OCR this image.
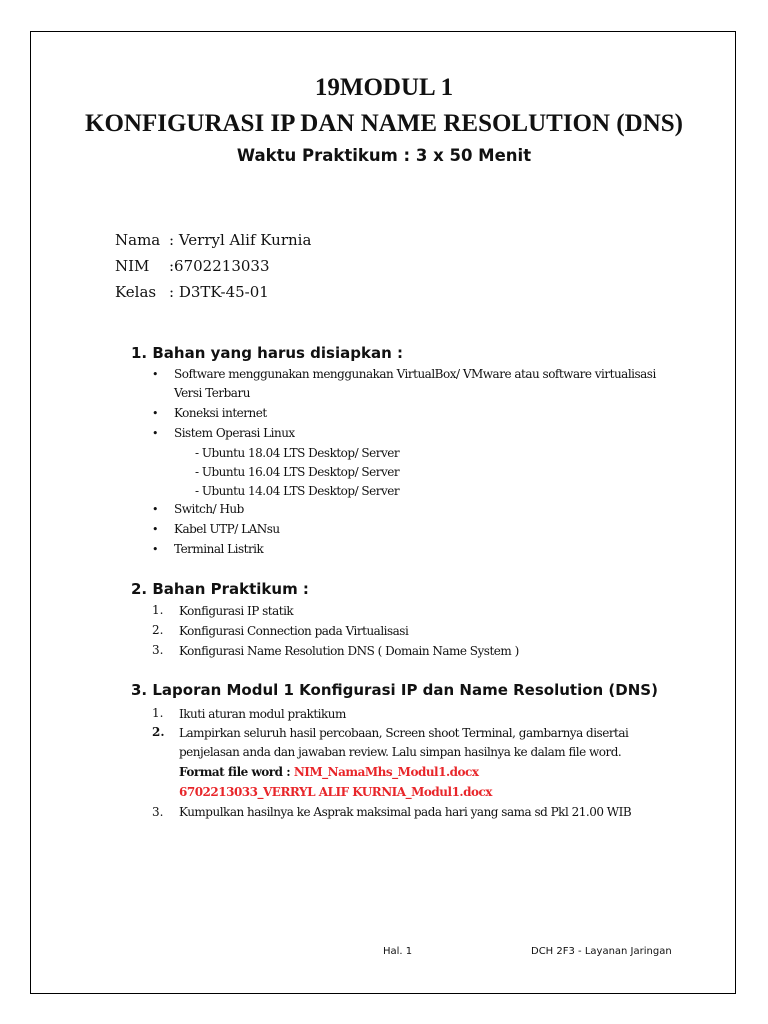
19MODUL 1
KONFIGURASI IP DAN NAME RESOLUTION (DNS)
Waktu Praktikum : 3 x 50 Menit
Nama : Verryl Alif Kurnia
NIM :6702213033
Kelas : D3TK-45-01
1. Bahan yang harus disiapkan :
• Software menggunakan menggunakan VirtualBox/ VMware atau software virtualisasi
Versi Terbaru
• Koneksi internet
• Sistem Operasi Linux
- Ubuntu 18.04 LTS Desktop/ Server
- Ubuntu 16.04 LTS Desktop/ Server
- Ubuntu 14.04 LTS Desktop/ Server
• Switch/ Hub
• Kabel UTP/ LANsu
• Terminal Listrik
2. Bahan Praktikum :
1. Konfigurasi IP statik
2. Konfigurasi Connection pada Virtualisasi
3. Konfigurasi Name Resolution DNS ( Domain Name System )
3. Laporan Modul 1 Konfigurasi IP dan Name Resolution (DNS)
1. Ikuti aturan modul praktikum
2. Lampirkan seluruh hasil percobaan, Screen shoot Terminal, gambarnya disertai
penjelasan anda dan jawaban review. Lalu simpan hasilnya ke dalam file word.
Format file word : NIM_NamaMhs_Modul1.docx
6702213033_VERRYL ALIF KURNIA_Modul1.docx
3. Kumpulkan hasilnya ke Asprak maksimal pada hari yang sama sd Pkl 21.00 WIB
Hal. 1	DCH 2F3 - Layanan Jaringan
